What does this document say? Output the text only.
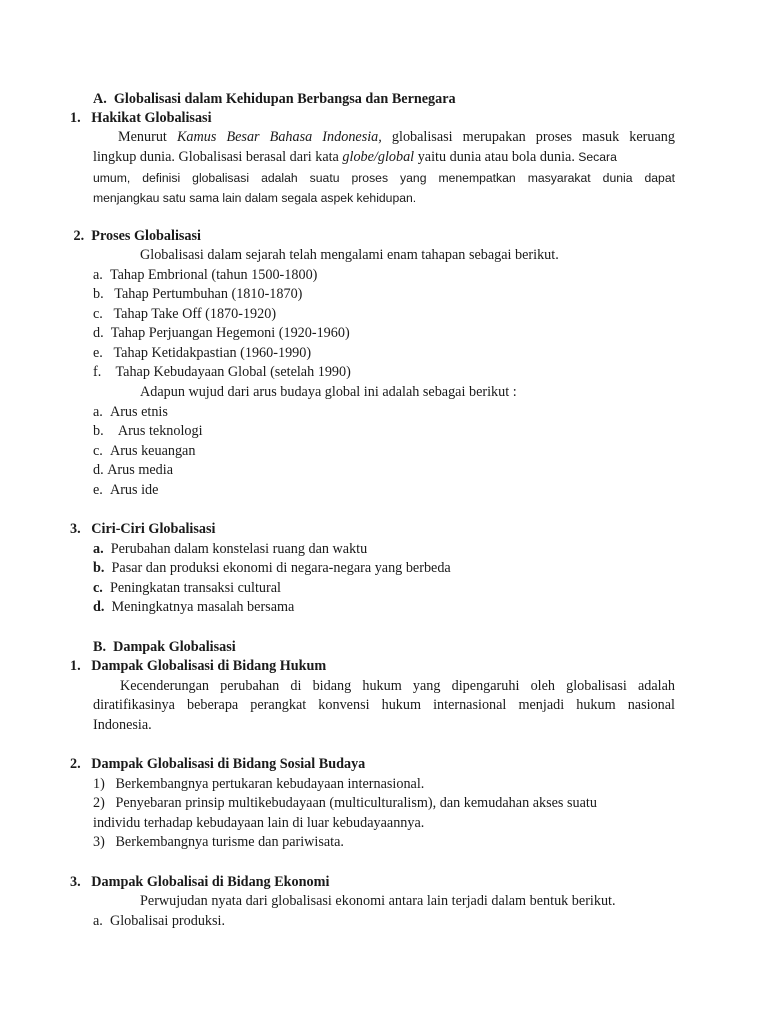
A. Globalisasi dalam Kehidupan Berbangsa dan Bernegara
1. Hakikat Globalisasi
Menurut Kamus Besar Bahasa Indonesia, globalisasi merupakan proses masuk keruang
lingkup dunia. Globalisasi berasal dari kata globe/global yaitu dunia atau bola dunia. Secara
umum, definisi globalisasi adalah suatu proses yang menempatkan masyarakat dunia dapat
menjangkau satu sama lain dalam segala aspek kehidupan.
2. Proses Globalisasi
Globalisasi dalam sejarah telah mengalami enam tahapan sebagai berikut.
a. Tahap Embrional (tahun 1500-1800)
b. Tahap Pertumbuhan (1810-1870)
c. Tahap Take Off (1870-1920)
d. Tahap Perjuangan Hegemoni (1920-1960)
e. Tahap Ketidakpastian (1960-1990)
f. Tahap Kebudayaan Global (setelah 1990)
Adapun wujud dari arus budaya global ini adalah sebagai berikut :
a. Arus etnis
b. Arus teknologi
c. Arus keuangan
d. Arus media
e. Arus ide
3. Ciri-Ciri Globalisasi
a. Perubahan dalam konstelasi ruang dan waktu
b. Pasar dan produksi ekonomi di negara-negara yang berbeda
c. Peningkatan transaksi cultural
d. Meningkatnya masalah bersama
B. Dampak Globalisasi
1. Dampak Globalisasi di Bidang Hukum
Kecenderungan perubahan di bidang hukum yang dipengaruhi oleh globalisasi adalah
diratifikasinya beberapa perangkat konvensi hukum internasional menjadi hukum nasional
Indonesia.
2. Dampak Globalisasi di Bidang Sosial Budaya
1) Berkembangnya pertukaran kebudayaan internasional.
2) Penyebaran prinsip multikebudayaan (multiculturalism), dan kemudahan akses suatu
individu terhadap kebudayaan lain di luar kebudayaannya.
3) Berkembangnya turisme dan pariwisata.
3. Dampak Globalisai di Bidang Ekonomi
Perwujudan nyata dari globalisasi ekonomi antara lain terjadi dalam bentuk berikut.
a. Globalisai produksi.
